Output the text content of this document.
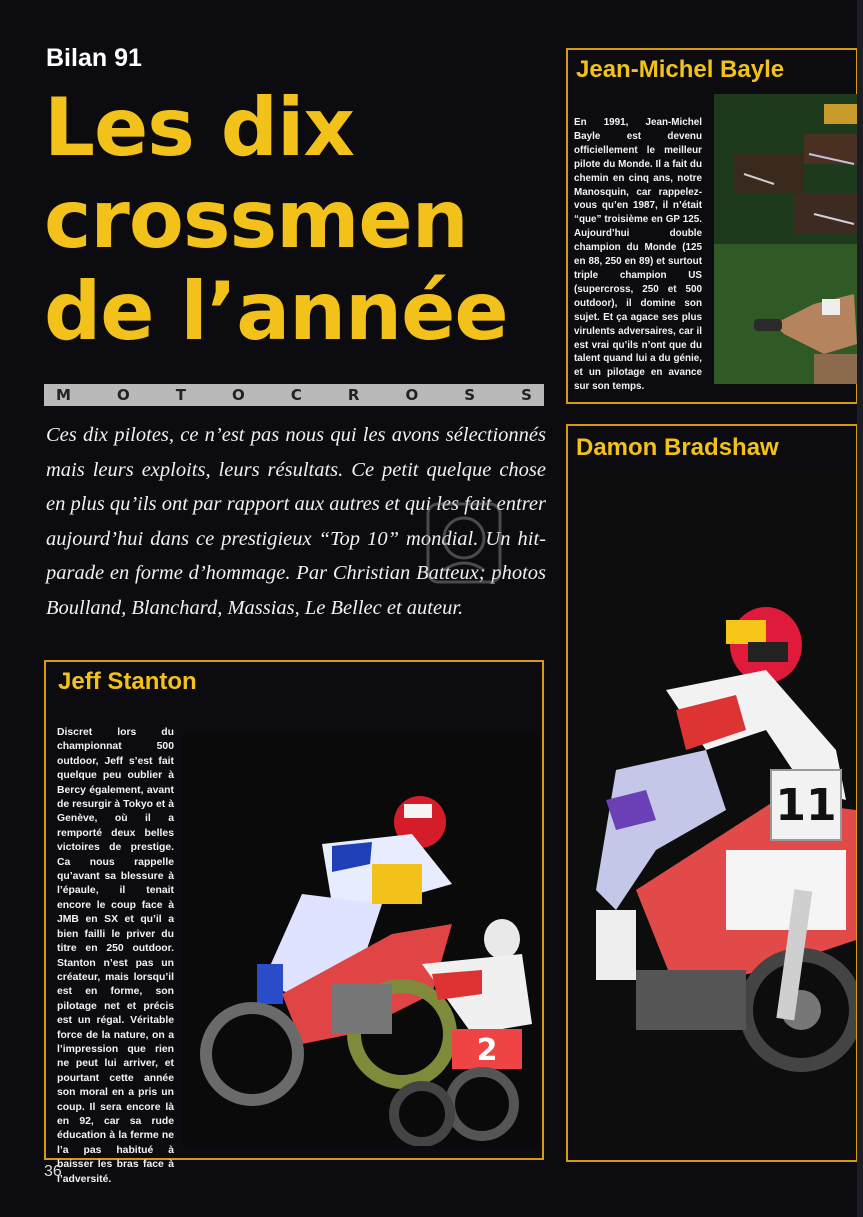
Bilan 91
Les dix
crossmen
de l’année
M	O	T	O	C	R	O	S	S
Ces dix pilotes, ce n’est pas nous qui les avons sélectionnés mais leurs exploits, leurs résultats. Ce petit quelque chose en plus qu’ils ont par rapport aux autres et qui les fait entrer aujourd’hui dans ce prestigieux “Top 10” mondial. Un hit-parade en forme d’hommage. Par Christian Batteux; photos Boulland, Blanchard, Massias, Le Bellec et auteur.
Jean-Michel Bayle
En 1991, Jean-Michel Bayle est devenu officiellement le meilleur pilote du Monde. Il a fait du chemin en cinq ans, notre Manosquin, car rappelez-vous qu’en 1987, il n’était “que” troisième en GP 125. Aujourd’hui double champion du Monde (125 en 88, 250 en 89) et surtout triple champion US (supercross, 250 et 500 outdoor), il domine son sujet. Et ça agace ses plus virulents adversaires, car il est vrai qu’ils n’ont que du talent quand lui a du génie, et un pilotage en avance sur son temps.
Damon Bradshaw
11
Jeff Stanton
Discret lors du championnat 500 outdoor, Jeff s’est fait quelque peu oublier à Bercy également, avant de resurgir à Tokyo et à Genève, où il a remporté deux belles victoires de prestige. Ca nous rappelle qu’avant sa blessure à l’épaule, il tenait encore le coup face à JMB en SX et qu’il a bien failli le priver du titre en 250 outdoor. Stanton n’est pas un créateur, mais lorsqu’il est en forme, son pilotage net et précis est un régal. Véritable force de la nature, on a l’impression que rien ne peut lui arriver, et pourtant cette année son moral en a pris un coup. Il sera encore là en 92, car sa rude éducation à la ferme ne l’a pas habitué à baisser les bras face à l’adversité.
2
36
